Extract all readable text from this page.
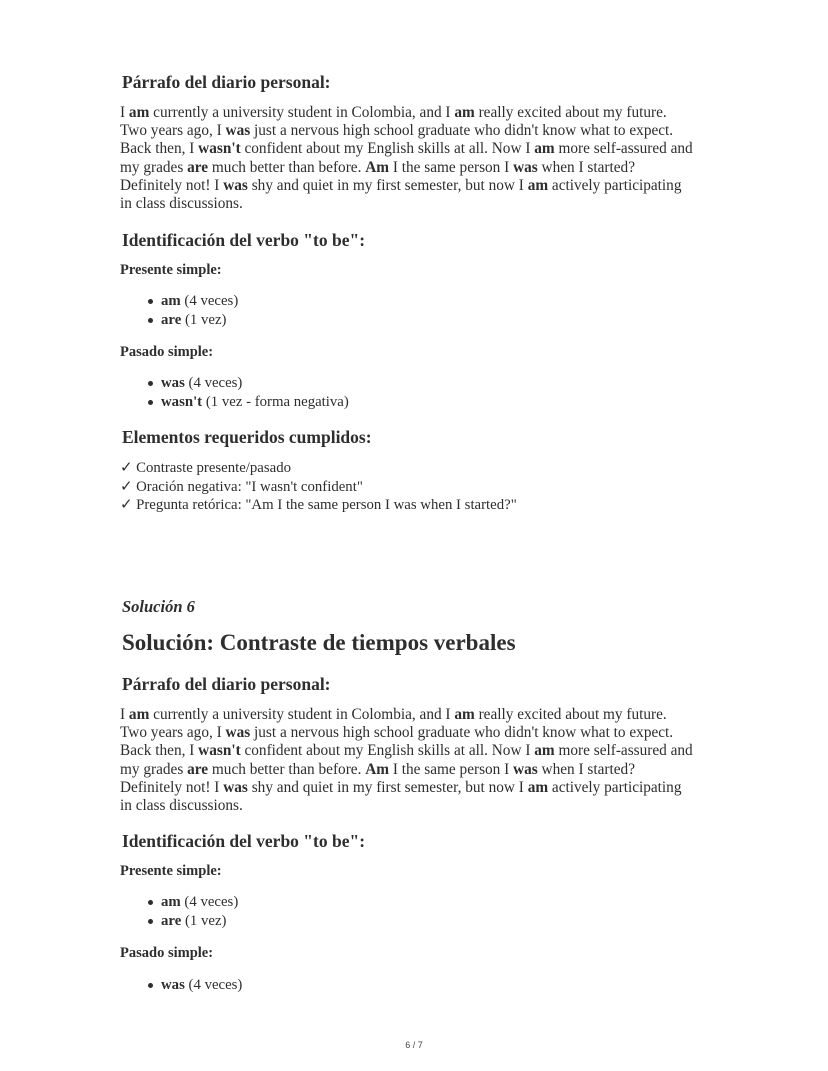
Párrafo del diario personal:
I am currently a university student in Colombia, and I am really excited about my future.
Two years ago, I was just a nervous high school graduate who didn't know what to expect.
Back then, I wasn't confident about my English skills at all. Now I am more self-assured and
my grades are much better than before. Am I the same person I was when I started?
Definitely not! I was shy and quiet in my first semester, but now I am actively participating
in class discussions.
Identificación del verbo "to be":
Presente simple:
am (4 veces)
are (1 vez)
Pasado simple:
was (4 veces)
wasn't (1 vez - forma negativa)
Elementos requeridos cumplidos:
✓ Contraste presente/pasado
✓ Oración negativa: "I wasn't confident"
✓ Pregunta retórica: "Am I the same person I was when I started?"
Solución 6
Solución: Contraste de tiempos verbales
Párrafo del diario personal:
I am currently a university student in Colombia, and I am really excited about my future.
Two years ago, I was just a nervous high school graduate who didn't know what to expect.
Back then, I wasn't confident about my English skills at all. Now I am more self-assured and
my grades are much better than before. Am I the same person I was when I started?
Definitely not! I was shy and quiet in my first semester, but now I am actively participating
in class discussions.
Identificación del verbo "to be":
Presente simple:
am (4 veces)
are (1 vez)
Pasado simple:
was (4 veces)
6 / 7
